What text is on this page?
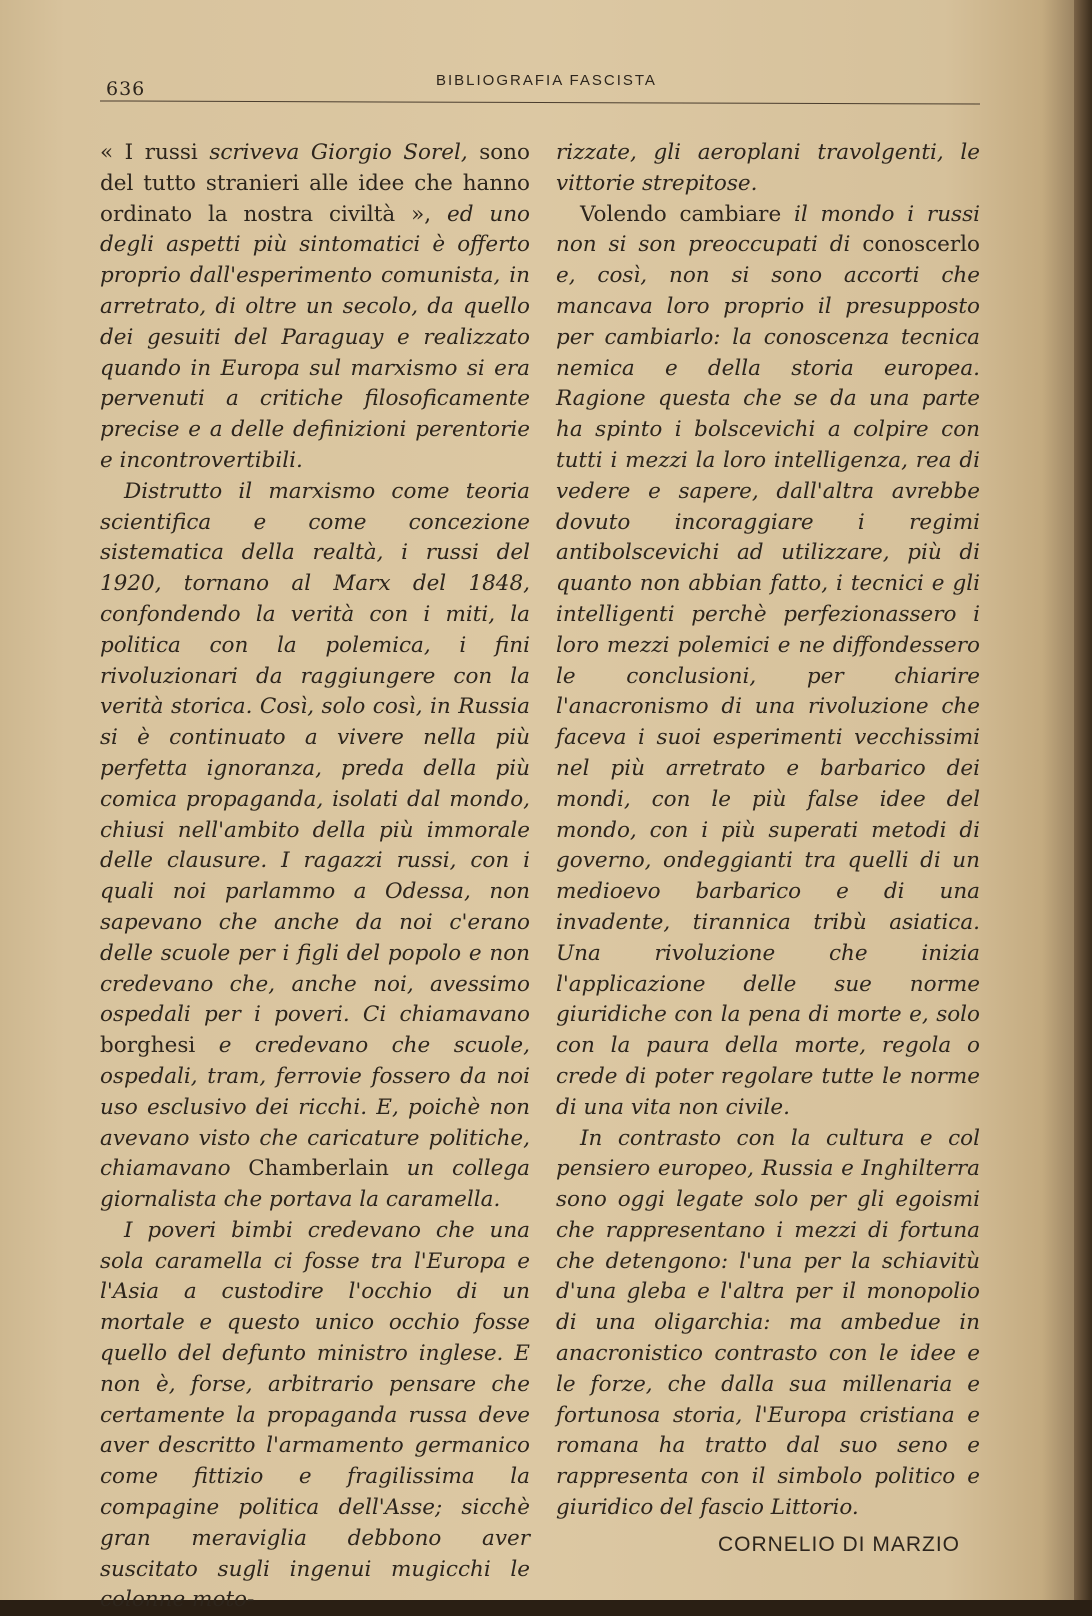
636	BIBLIOGRAFIA FASCISTA

« I russi scriveva Giorgio Sorel, sono del tutto stranieri alle idee che hanno ordinato la nostra civiltà », ed uno degli aspetti più sintomatici è offerto proprio dall'esperimento comunista, in arretrato, di oltre un secolo, da quello dei gesuiti del Paraguay e realizzato quando in Europa sul marxismo si era pervenuti a critiche filosoficamente precise e a delle definizioni perentorie e incontrovertibili.

Distrutto il marxismo come teoria scientifica e come concezione sistematica della realtà, i russi del 1920, tornano al Marx del 1848, confondendo la verità con i miti, la politica con la polemica, i fini rivoluzionari da raggiungere con la verità storica. Così, solo così, in Russia si è continuato a vivere nella più perfetta ignoranza, preda della più comica propaganda, isolati dal mondo, chiusi nell'ambito della più immorale delle clausure. I ragazzi russi, con i quali noi parlammo a Odessa, non sapevano che anche da noi c'erano delle scuole per i figli del popolo e non credevano che, anche noi, avessimo ospedali per i poveri. Ci chiamavano borghesi e credevano che scuole, ospedali, tram, ferrovie fossero da noi uso esclusivo dei ricchi. E, poichè non avevano visto che caricature politiche, chiamavano Chamberlain un collega giornalista che portava la caramella.

I poveri bimbi credevano che una sola caramella ci fosse tra l'Europa e l'Asia a custodire l'occhio di un mortale e questo unico occhio fosse quello del defunto ministro inglese. E non è, forse, arbitrario pensare che certamente la propaganda russa deve aver descritto l'armamento germanico come fittizio e fragilissima la compagine politica dell'Asse; sicchè gran meraviglia debbono aver suscitato sugli ingenui mugicchi le colonne moto-

rizzate, gli aeroplani travolgenti, le vittorie strepitose.

Volendo cambiare il mondo i russi non si son preoccupati di conoscerlo e, così, non si sono accorti che mancava loro proprio il presupposto per cambiarlo: la conoscenza tecnica nemica e della storia europea. Ragione questa che se da una parte ha spinto i bolscevichi a colpire con tutti i mezzi la loro intelligenza, rea di vedere e sapere, dall'altra avrebbe dovuto incoraggiare i regimi antibolscevichi ad utilizzare, più di quanto non abbian fatto, i tecnici e gli intelligenti perchè perfezionassero i loro mezzi polemici e ne diffondessero le conclusioni, per chiarire l'anacronismo di una rivoluzione che faceva i suoi esperimenti vecchissimi nel più arretrato e barbarico dei mondi, con le più false idee del mondo, con i più superati metodi di governo, ondeggianti tra quelli di un medioevo barbarico e di una invadente, tirannica tribù asiatica. Una rivoluzione che inizia l'applicazione delle sue norme giuridiche con la pena di morte e, solo con la paura della morte, regola o crede di poter regolare tutte le norme di una vita non civile.

In contrasto con la cultura e col pensiero europeo, Russia e Inghilterra sono oggi legate solo per gli egoismi che rappresentano i mezzi di fortuna che detengono: l'una per la schiavitù d'una gleba e l'altra per il monopolio di una oligarchia: ma ambedue in anacronistico contrasto con le idee e le forze, che dalla sua millenaria e fortunosa storia, l'Europa cristiana e romana ha tratto dal suo seno e rappresenta con il simbolo politico e giuridico del fascio Littorio.

CORNELIO DI MARZIO
